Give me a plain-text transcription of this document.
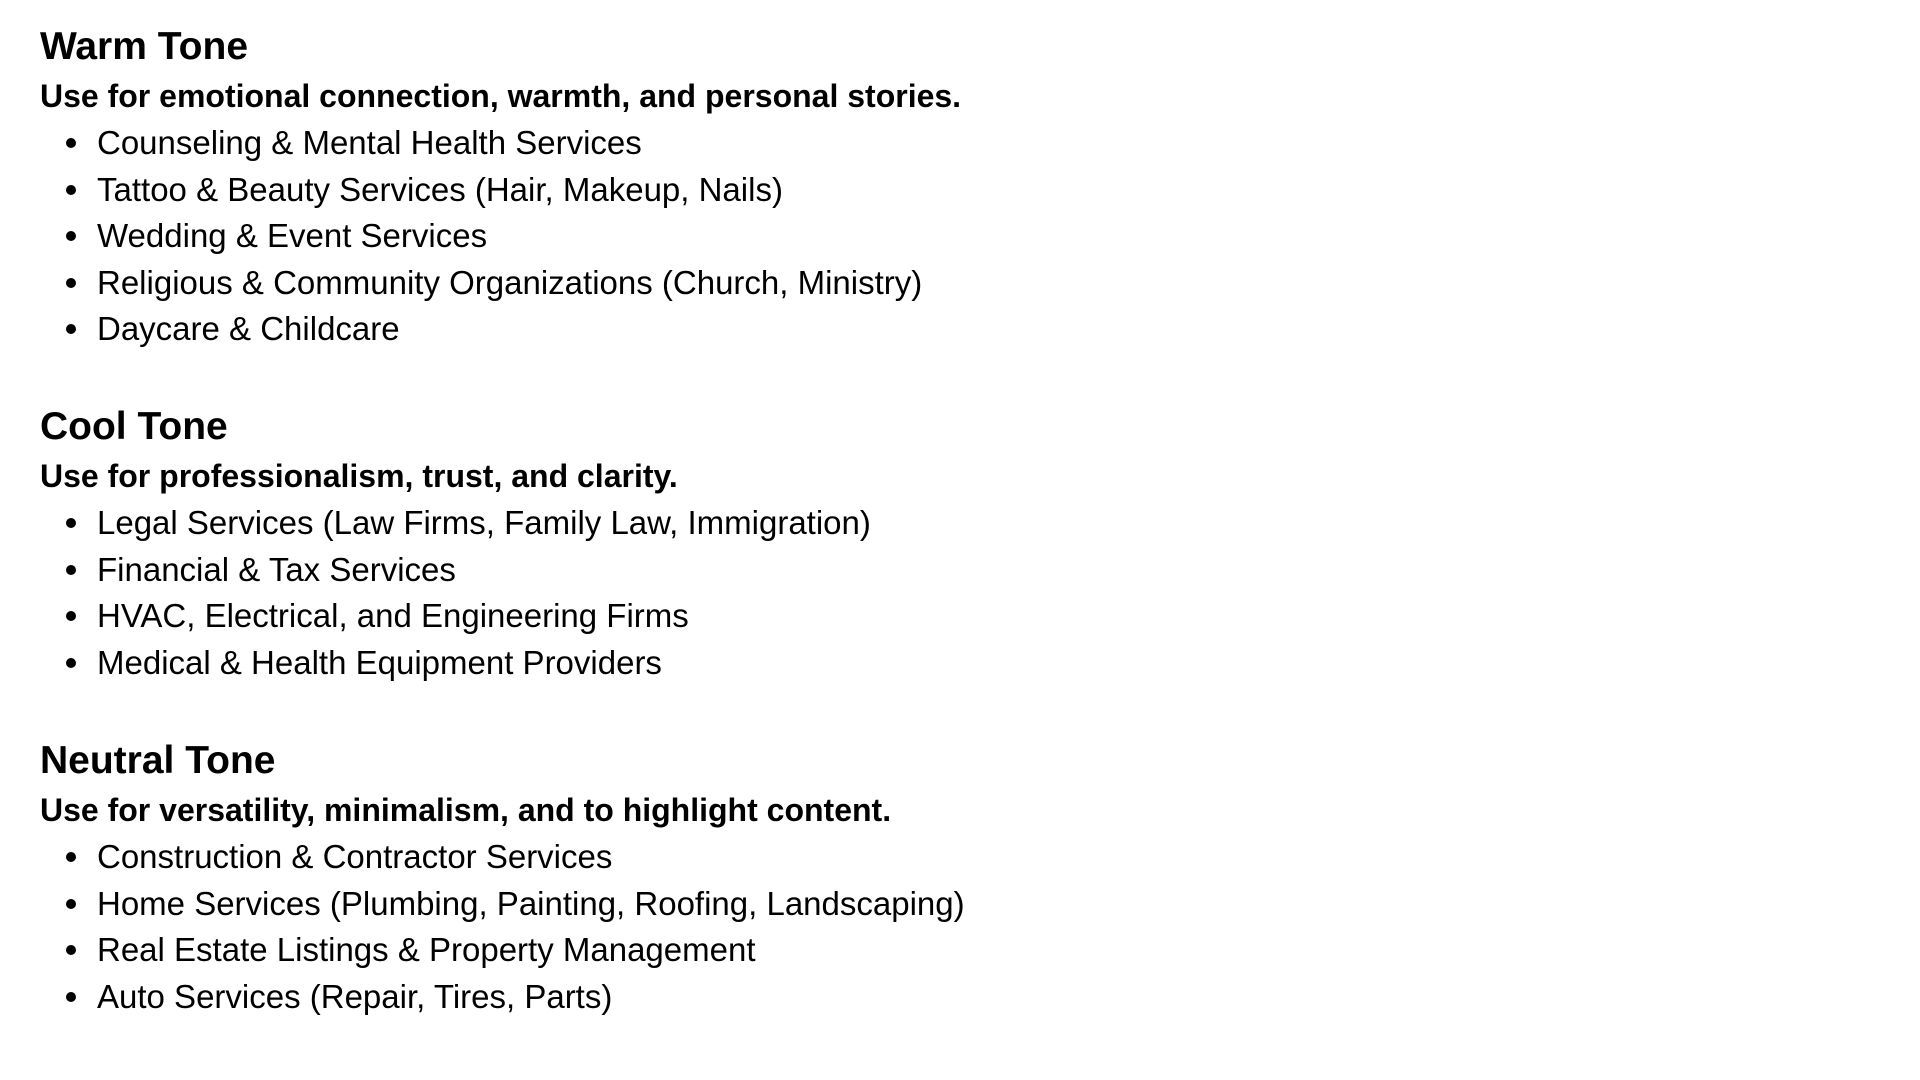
Warm Tone

Use for emotional connection, warmth, and personal stories.

Counseling & Mental Health Services
Tattoo & Beauty Services (Hair, Makeup, Nails)
Wedding & Event Services
Religious & Community Organizations (Church, Ministry)
Daycare & Childcare
Cool Tone

Use for professionalism, trust, and clarity.

Legal Services (Law Firms, Family Law, Immigration)
Financial & Tax Services
HVAC, Electrical, and Engineering Firms
Medical & Health Equipment Providers
Neutral Tone

Use for versatility, minimalism, and to highlight content.

Construction & Contractor Services
Home Services (Plumbing, Painting, Roofing, Landscaping)
Real Estate Listings & Property Management
Auto Services (Repair, Tires, Parts)
